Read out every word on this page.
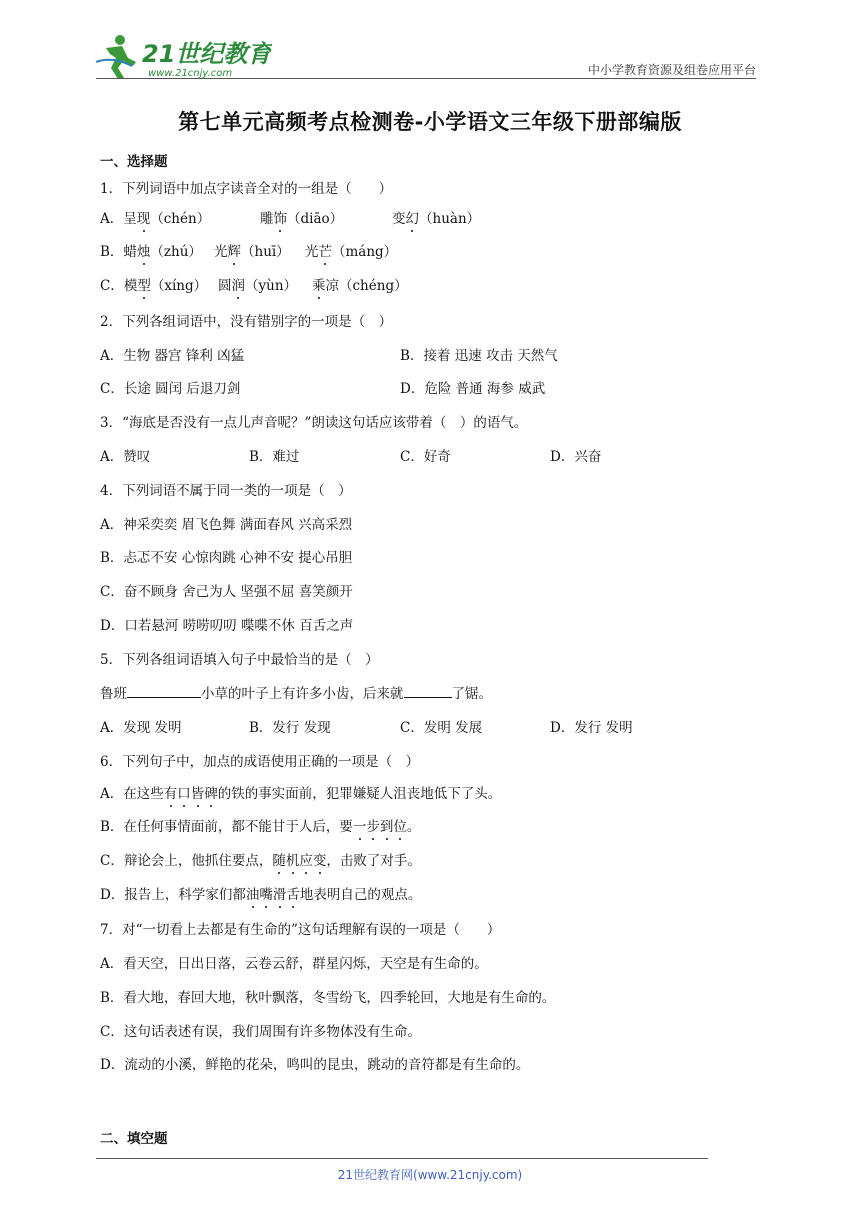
21世纪教育
www.21cnjy.com	中小学教育资源及组卷应用平台
第七单元高频考点检测卷-小学语文三年级下册部编版
一、选择题
1．下列词语中加点字读音全对的一组是（　　）
A．呈现（chén）	雕饰（diāo）	变幻（huàn）
B．蜡烛（zhú） 光辉（huī） 光芒（máng）
C．模型（xíng） 圆润（yùn） 乘凉（chéng）
2．下列各组词语中，没有错别字的一项是（　）
A．生物 器宫 锋利 凶猛	B．接着 迅速 攻击 天然气
C．长途 圆闰 后退刀剑	D．危险 普通 海参 威武
3．“海底是否没有一点儿声音呢？”朗读这句话应该带着（　）的语气。
A．赞叹	B．难过	C．好奇	D．兴奋
4．下列词语不属于同一类的一项是（　）
A．神采奕奕 眉飞色舞 满面春风 兴高采烈
B．忐忑不安 心惊肉跳 心神不安 提心吊胆
C．奋不顾身 舍己为人 坚强不屈 喜笑颜开
D．口若悬河 唠唠叨叨 喋喋不休 百舌之声
5．下列各组词语填入句子中最恰当的是（　）
鲁班	小草的叶子上有许多小齿，后来就	了锯。
A．发现 发明	B．发行 发现	C．发明 发展	D．发行 发明
6．下列句子中，加点的成语使用正确的一项是（　）
A．在这些有口皆碑的铁的事实面前，犯罪嫌疑人沮丧地低下了头。
B．在任何事情面前，都不能甘于人后，要一步到位。
C．辩论会上，他抓住要点，随机应变，击败了对手。
D．报告上，科学家们都油嘴滑舌地表明自己的观点。
7．对“一切看上去都是有生命的”这句话理解有误的一项是（　　）
A．看天空，日出日落，云卷云舒，群星闪烁，天空是有生命的。
B．看大地，春回大地，秋叶飘落，冬雪纷飞，四季轮回，大地是有生命的。
C．这句话表述有误，我们周围有许多物体没有生命。
D．流动的小溪，鲜艳的花朵，鸣叫的昆虫，跳动的音符都是有生命的。
二、填空题
21世纪教育网(www.21cnjy.com)
